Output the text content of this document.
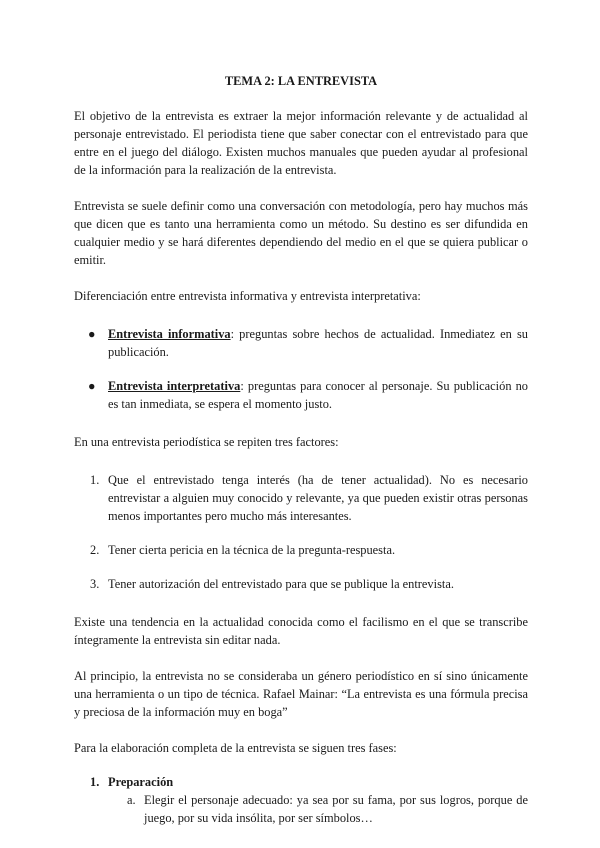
TEMA 2: LA ENTREVISTA

El objetivo de la entrevista es extraer la mejor información relevante y de actualidad al personaje entrevistado. El periodista tiene que saber conectar con el entrevistado para que entre en el juego del diálogo. Existen muchos manuales que pueden ayudar al profesional de la información para la realización de la entrevista.

Entrevista se suele definir como una conversación con metodología, pero hay muchos más que dicen que es tanto una herramienta como un método. Su destino es ser difundida en cualquier medio y se hará diferentes dependiendo del medio en el que se quiera publicar o emitir.

Diferenciación entre entrevista informativa y entrevista interpretativa:

● Entrevista informativa: preguntas sobre hechos de actualidad. Inmediatez en su publicación.
● Entrevista interpretativa: preguntas para conocer al personaje. Su publicación no es tan inmediata, se espera el momento justo.

En una entrevista periodística se repiten tres factores:

1. Que el entrevistado tenga interés (ha de tener actualidad). No es necesario entrevistar a alguien muy conocido y relevante, ya que pueden existir otras personas menos importantes pero mucho más interesantes.
2. Tener cierta pericia en la técnica de la pregunta-respuesta.
3. Tener autorización del entrevistado para que se publique la entrevista.

Existe una tendencia en la actualidad conocida como el facilismo en el que se transcribe íntegramente la entrevista sin editar nada.

Al principio, la entrevista no se consideraba un género periodístico en sí sino únicamente una herramienta o un tipo de técnica. Rafael Mainar: “La entrevista es una fórmula precisa y preciosa de la información muy en boga”

Para la elaboración completa de la entrevista se siguen tres fases:

1. Preparación
a. Elegir el personaje adecuado: ya sea por su fama, por sus logros, porque de juego, por su vida insólita, por ser símbolos…
